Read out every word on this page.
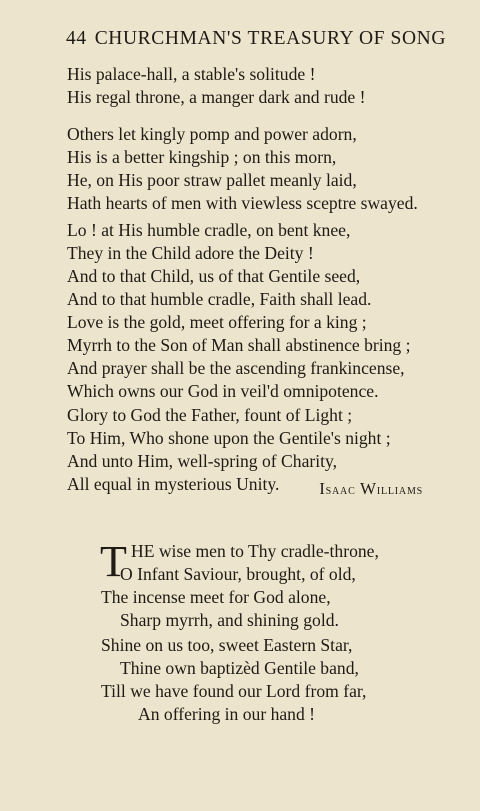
44 CHURCHMAN'S TREASURY OF SONG
His palace-hall, a stable's solitude !
His regal throne, a manger dark and rude !
Others let kingly pomp and power adorn,
His is a better kingship ; on this morn,
He, on His poor straw pallet meanly laid,
Hath hearts of men with viewless sceptre swayed.
Lo ! at His humble cradle, on bent knee,
They in the Child adore the Deity !
And to that Child, us of that Gentile seed,
And to that humble cradle, Faith shall lead.
Love is the gold, meet offering for a king ;
Myrrh to the Son of Man shall abstinence bring ;
And prayer shall be the ascending frankincense,
Which owns our God in veil'd omnipotence.
Glory to God the Father, fount of Light ;
To Him, Who shone upon the Gentile's night ;
And unto Him, well-spring of Charity,
All equal in mysterious Unity.	Isaac Williams
T HE wise men to Thy cradle-throne,
O Infant Saviour, brought, of old,
The incense meet for God alone,
Sharp myrrh, and shining gold.
Shine on us too, sweet Eastern Star,
Thine own baptizèd Gentile band,
Till we have found our Lord from far,
An offering in our hand !
